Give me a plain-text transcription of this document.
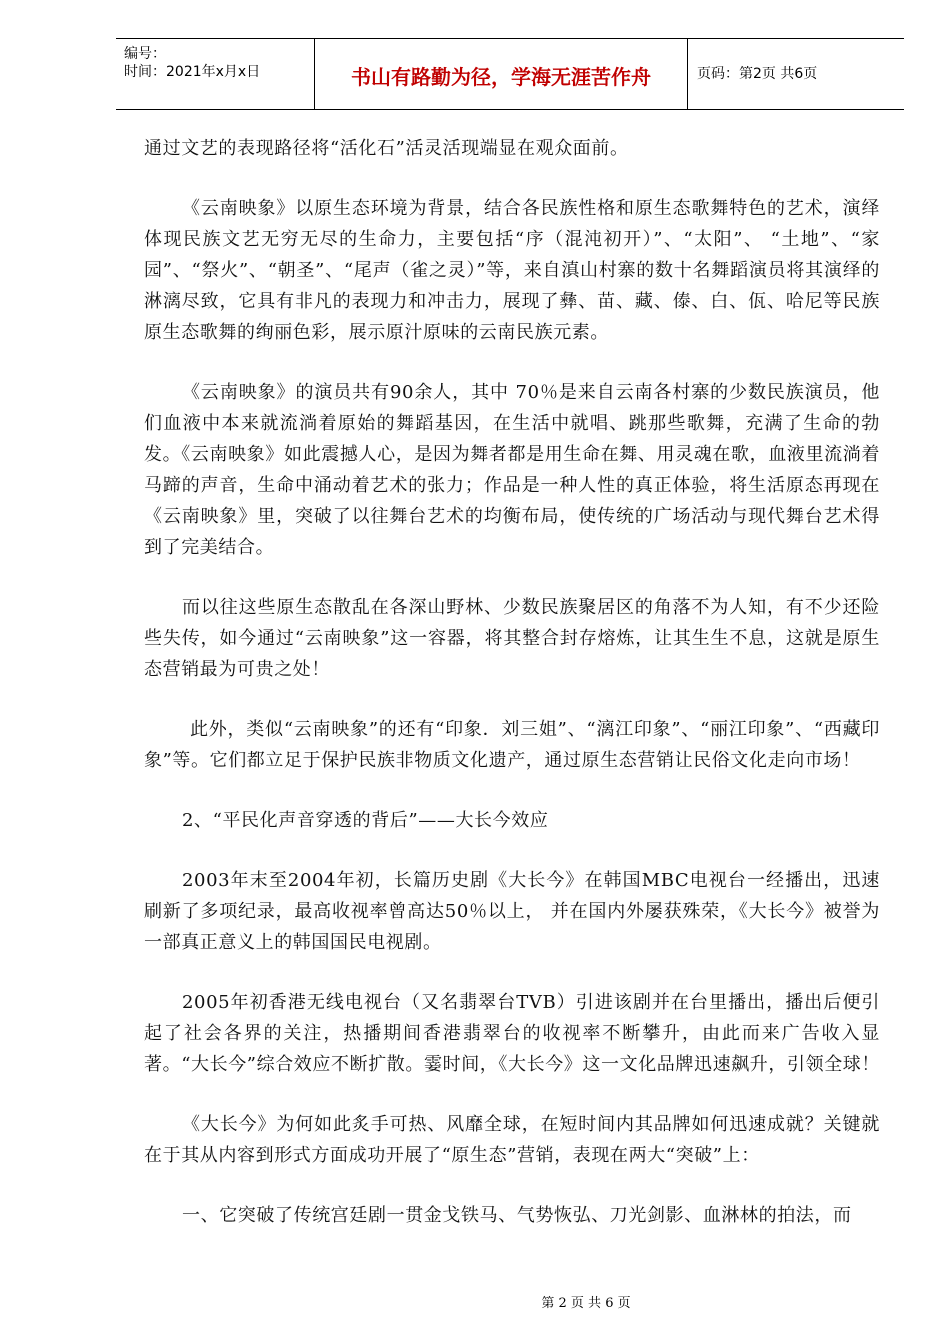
编号：
时间：2021年x月x日	书山有路勤为径，学海无涯苦作舟	页码：第2页 共6页

通过文艺的表现路径将“活化石”活灵活现端显在观众面前。

《云南映象》以原生态环境为背景，结合各民族性格和原生态歌舞特色的艺术，演绎体现民族文艺无穷无尽的生命力，主要包括“序（混沌初开）”、“太阳”、 “土地”、“家园”、“祭火”、“朝圣”、“尾声（雀之灵）”等，来自滇山村寨的数十名舞蹈演员将其演绎的淋漓尽致，它具有非凡的表现力和冲击力，展现了彝、苗、藏、傣、白、佤、哈尼等民族原生态歌舞的绚丽色彩，展示原汁原味的云南民族元素。

《云南映象》的演员共有90余人，其中 70％是来自云南各村寨的少数民族演员，他们血液中本来就流淌着原始的舞蹈基因，在生活中就唱、跳那些歌舞，充满了生命的勃发。《云南映象》如此震撼人心，是因为舞者都是用生命在舞、用灵魂在歌，血液里流淌着马蹄的声音，生命中涌动着艺术的张力；作品是一种人性的真正体验，将生活原态再现在《云南映象》里，突破了以往舞台艺术的均衡布局，使传统的广场活动与现代舞台艺术得到了完美结合。

而以往这些原生态散乱在各深山野林、少数民族聚居区的角落不为人知，有不少还险些失传，如今通过“云南映象”这一容器，将其整合封存熔炼，让其生生不息，这就是原生态营销最为可贵之处！

此外，类似“云南映象”的还有“印象．刘三姐”、“漓江印象”、“丽江印象”、“西藏印象”等。它们都立足于保护民族非物质文化遗产，通过原生态营销让民俗文化走向市场！

2、“平民化声音穿透的背后”——大长今效应

2003年末至2004年初，长篇历史剧《大长今》在韩国MBC电视台一经播出，迅速刷新了多项纪录，最高收视率曾高达50％以上， 并在国内外屡获殊荣，《大长今》被誉为一部真正意义上的韩国国民电视剧。

2005年初香港无线电视台（又名翡翠台TVB）引进该剧并在台里播出，播出后便引起了社会各界的关注，热播期间香港翡翠台的收视率不断攀升，由此而来广告收入显著。“大长今”综合效应不断扩散。霎时间，《大长今》这一文化品牌迅速飙升，引领全球！

《大长今》为何如此炙手可热、风靡全球，在短时间内其品牌如何迅速成就？关键就在于其从内容到形式方面成功开展了“原生态”营销，表现在两大“突破”上：

一、它突破了传统宫廷剧一贯金戈铁马、气势恢弘、刀光剑影、血淋林的拍法，而

第 2 页 共 6 页
